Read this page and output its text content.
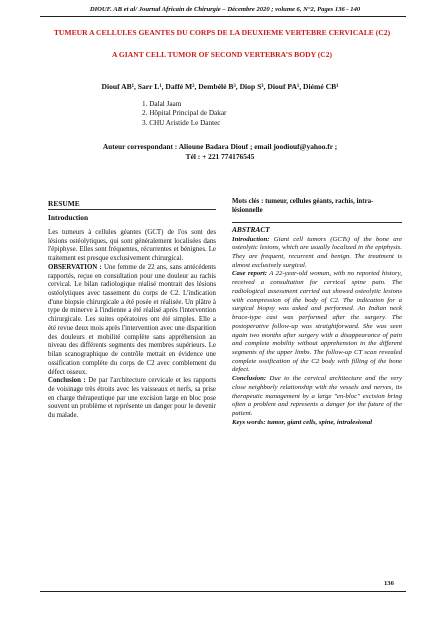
DIOUF. AB et al/ Journal Africain de Chirurgie – Décembre 2020 ; volume 6, N°2, Pages 136 - 140
TUMEUR A CELLULES GEANTES DU CORPS DE LA DEUXIEME VERTEBRE CERVICALE (C2)
A GIANT CELL TUMOR OF SECOND VERTEBRA’S BODY (C2)
Diouf AB¹, Sarr L¹, Daffé M², Dembélé B³, Diop S³, Diouf PA¹, Diémé CB¹
1. Dalal Jaam
2. Hôpital Principal de Dakar
3. CHU Aristide Le Dantec
Auteur correspondant : Alioune Badara Diouf ; email joodiouf@yahoo.fr ;
Tél : + 221 774176545
RESUME
Introduction

Les tumeurs à cellules géantes (GCT) de l'os sont des lésions ostéolytiques, qui sont généralement localisées dans l'épiphyse. Elles sont fréquentes, récurrentes et bénignes. Le traitement est presque exclusivement chirurgical.
OBSERVATION : Une femme de 22 ans, sans antécédents rapportés, reçue en consultation pour une douleur au rachis cervical. Le bilan radiologique réalisé montrait des lésions ostéolytiques avec tassement du corps de C2. L'indication d'une biopsie chirurgicale a été posée et réalisée. Un plâtre à type de minerve à l'indienne a été réalisé après l'intervention chirurgicale. Les suites opératoires ont été simples. Elle a été revue deux mois après l'intervention avec une disparition des douleurs et mobilité complète sans appréhension au niveau des différents segments des membres supérieurs. Le bilan scanographique de contrôle mettait en évidence une ossification complète du corps de C2 avec comblement du défect osseux.
Conclusion : De par l'architecture cervicale et les rapports de voisinage très étroits avec les vaisseaux et nerfs, sa prise en charge thérapeutique par une excision large en bloc pose souvent un problème et représente un danger pour le devenir du malade.

Mots clés : tumeur, cellules géants, rachis, intra-lésionnelle

ABSTRACT

Introduction: Giant cell tumors (GCTs) of the bone are osteolytic lesions, which are usually localized in the epiphysis. They are frequent, recurrent and benign. The treatment is almost exclusively surgical.
Case report: A 22-year-old woman, with no reported history, received a consultation for cervical spine pain. The radiological assessment carried out showed osteolytic lesions with compression of the body of C2. The indication for a surgical biopsy was asked and performed. An Indian neck brace-type cast was performed after the surgery. The postoperative follow-up was straightforward. She was seen again two months after surgery with a disappearance of pain and complete mobility without apprehension in the different segments of the upper limbs. The follow-up CT scan revealed complete ossification of the C2 body with filling of the bone defect.
Conclusion: Due to the cervical architecture and the very close neighborly relationship with the vessels and nerves, its therapeutic management by a large "en-bloc" excision bring often a problem and represents a danger for the future of the patient.
Keys words: tumor, giant cells, spine, intralesional

136
